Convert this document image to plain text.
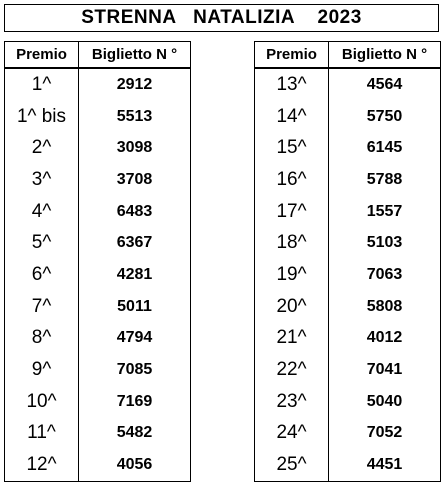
STRENNA   NATALIZIA    2023
Premio	Biglietto N °
1^	2912
1^ bis	5513
2^	3098
3^	3708
4^	6483
5^	6367
6^	4281
7^	5011
8^	4794
9^	7085
10^	7169
11^	5482
12^	4056
Premio	Biglietto N °
13^	4564
14^	5750
15^	6145
16^	5788
17^	1557
18^	5103
19^	7063
20^	5808
21^	4012
22^	7041
23^	5040
24^	7052
25^	4451
